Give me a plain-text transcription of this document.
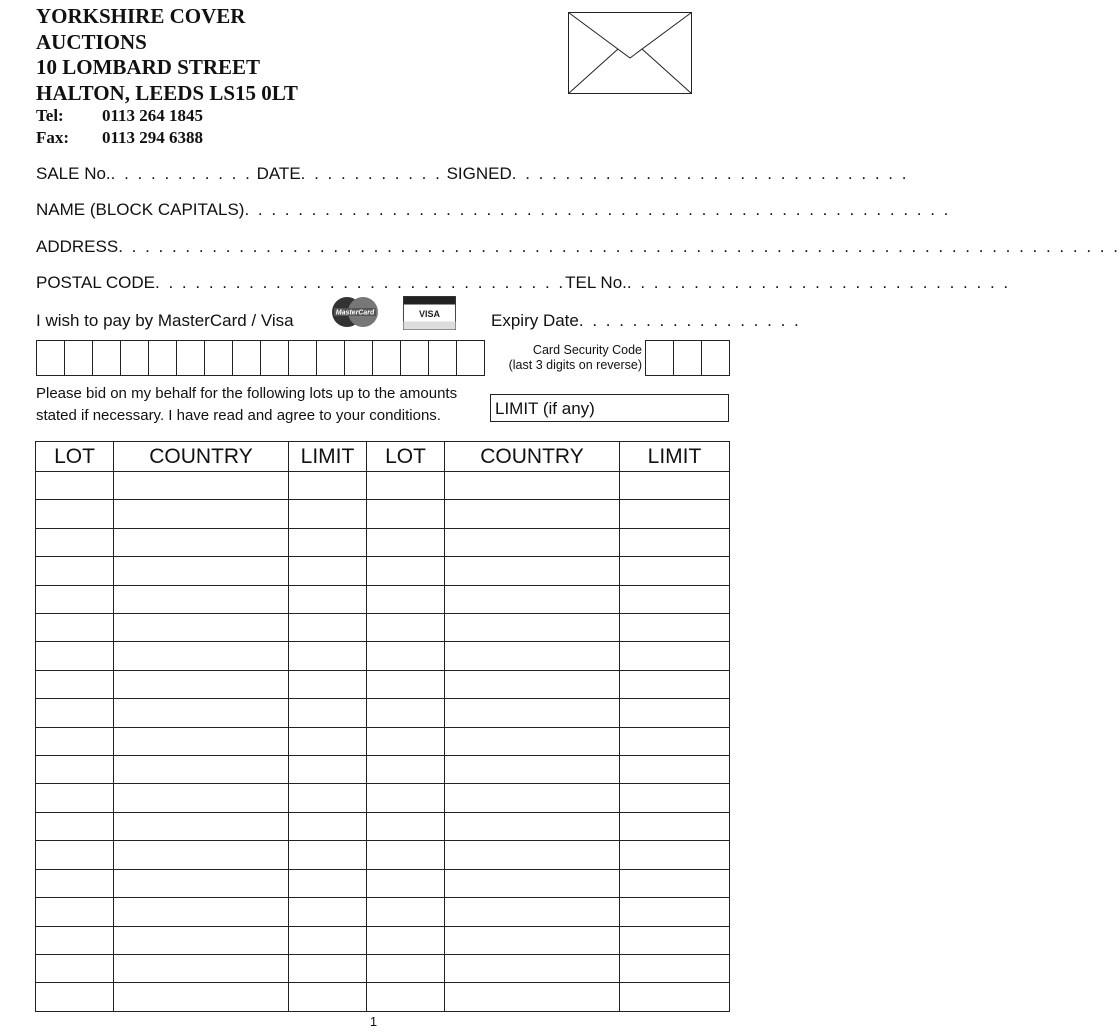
YORKSHIRE COVER
AUCTIONS
10 LOMBARD STREET
HALTON, LEEDS LS15 0LT
Tel: 0113 264 1845
Fax: 0113 294 6388
SALE No.. . . . . . . . . . . DATE. . . . . . . . . . . SIGNED. . . . . . . . . . . . . . . . . . . . . . . . . . . . . .
NAME (BLOCK CAPITALS). . . . . . . . . . . . . . . . . . . . . . . . . . . . . . . . . . . . . . . . . . . . . . . . . . . . .
ADDRESS. . . . . . . . . . . . . . . . . . . . . . . . . . . . . . . . . . . . . . . . . . . . . . . . . . . . . . . . . . . . . . . . . . . . . . . . . . .
POSTAL CODE. . . . . . . . . . . . . . . . . . . . . . . . . . . . . . .TEL No.. . . . . . . . . . . . . . . . . . . . . . . . . . . . .
I wish to pay by MasterCard / Visa	MasterCard	VISA	Expiry Date. . . . . . . . . . . . . . . . .
Card Security Code
(last 3 digits on reverse)
Please bid on my behalf for the following lots up to the amounts
stated if necessary. I have read and agree to your conditions.	LIMIT (if any)
LOT	COUNTRY	LIMIT	LOT	COUNTRY	LIMIT

1
